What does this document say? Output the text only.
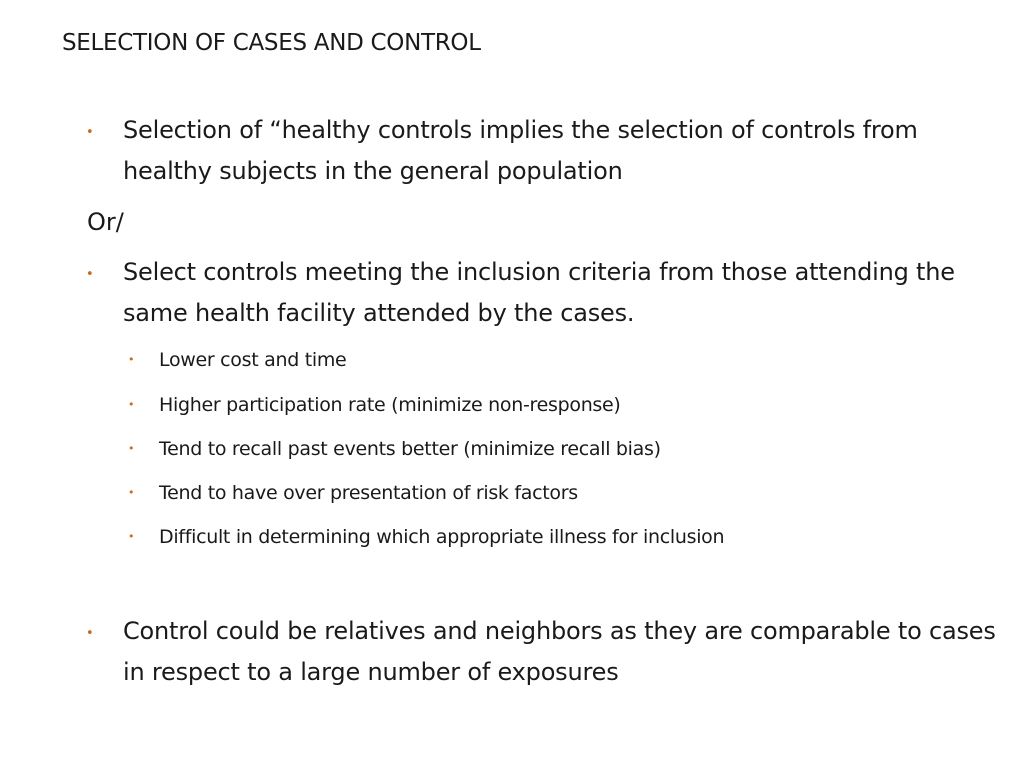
SELECTION OF CASES AND CONTROL
• Selection of “healthy controls implies the selection of controls from healthy subjects in the general population
Or/
• Select controls meeting the inclusion criteria from those attending the same health facility attended by the cases.
• Lower cost and time
• Higher participation rate (minimize non-response)
• Tend to recall past events better (minimize recall bias)
• Tend to have over presentation of risk factors
• Difficult in determining which appropriate illness for inclusion
• Control could be relatives and neighbors as they are comparable to cases in respect to a large number of exposures
